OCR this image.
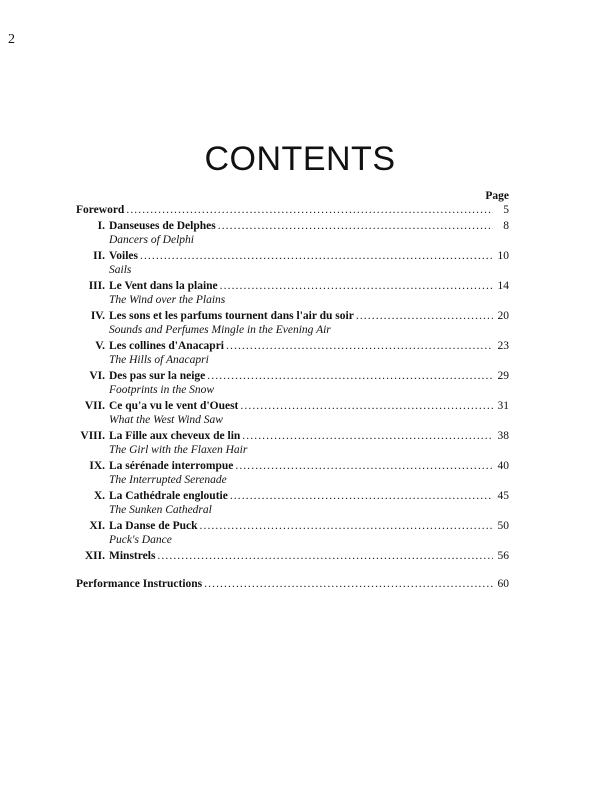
2
CONTENTS
Page
Foreword .....	5
I. Danseuses de Delphes .....	8
Dancers of Delphi
II. Voiles .....	10
Sails
III. Le Vent dans la plaine .....	14
The Wind over the Plains
IV. Les sons et les parfums tournent dans l'air du soir .....	20
Sounds and Perfumes Mingle in the Evening Air
V. Les collines d'Anacapri .....	23
The Hills of Anacapri
VI. Des pas sur la neige .....	29
Footprints in the Snow
VII. Ce qu'a vu le vent d'Ouest .....	31
What the West Wind Saw
VIII. La Fille aux cheveux de lin .....	38
The Girl with the Flaxen Hair
IX. La sérénade interrompue .....	40
The Interrupted Serenade
X. La Cathédrale engloutie .....	45
The Sunken Cathedral
XI. La Danse de Puck .....	50
Puck's Dance
XII. Minstrels .....	56
Performance Instructions .....	60
